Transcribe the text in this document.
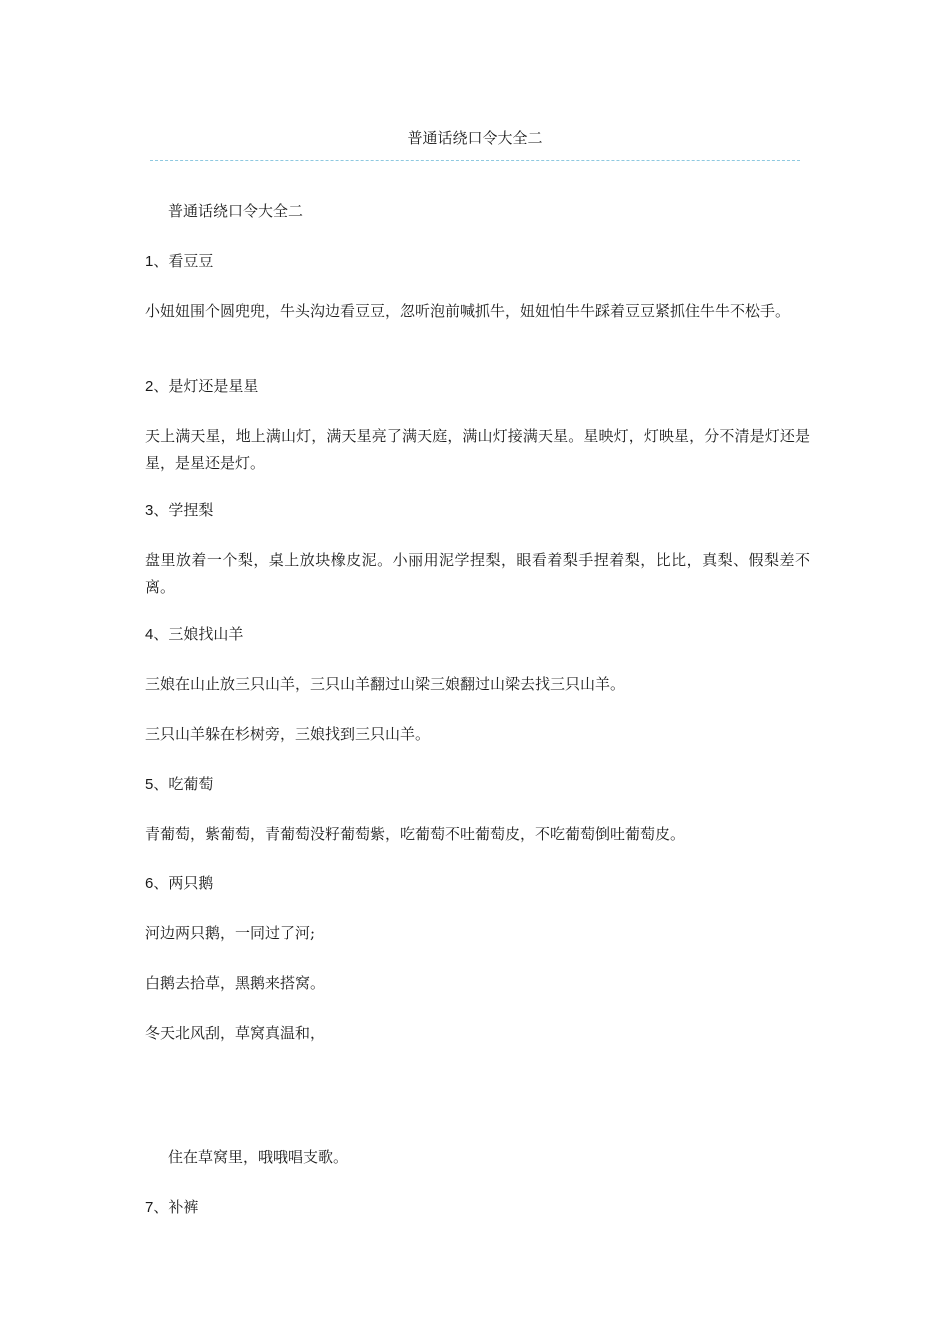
普通话绕口令大全二
普通话绕口令大全二
1、看豆豆
小妞妞围个圆兜兜，牛头沟边看豆豆，忽听泡前喊抓牛，妞妞怕牛牛踩着豆豆紧抓住牛牛不松手。
2、是灯还是星星
天上满天星，地上满山灯，满天星亮了满天庭，满山灯接满天星。星映灯，灯映星，分不清是灯还是星，是星还是灯。
3、学捏梨
盘里放着一个梨，桌上放块橡皮泥。小丽用泥学捏梨，眼看着梨手捏着梨，比比，真梨、假梨差不离。
4、三娘找山羊
三娘在山止放三只山羊，三只山羊翻过山梁三娘翻过山梁去找三只山羊。
三只山羊躲在杉树旁，三娘找到三只山羊。
5、吃葡萄
青葡萄，紫葡萄，青葡萄没籽葡萄紫，吃葡萄不吐葡萄皮，不吃葡萄倒吐葡萄皮。
6、两只鹅
河边两只鹅，一同过了河;
白鹅去拾草，黑鹅来搭窝。
冬天北风刮，草窝真温和，
住在草窝里，哦哦唱支歌。
7、补裤
